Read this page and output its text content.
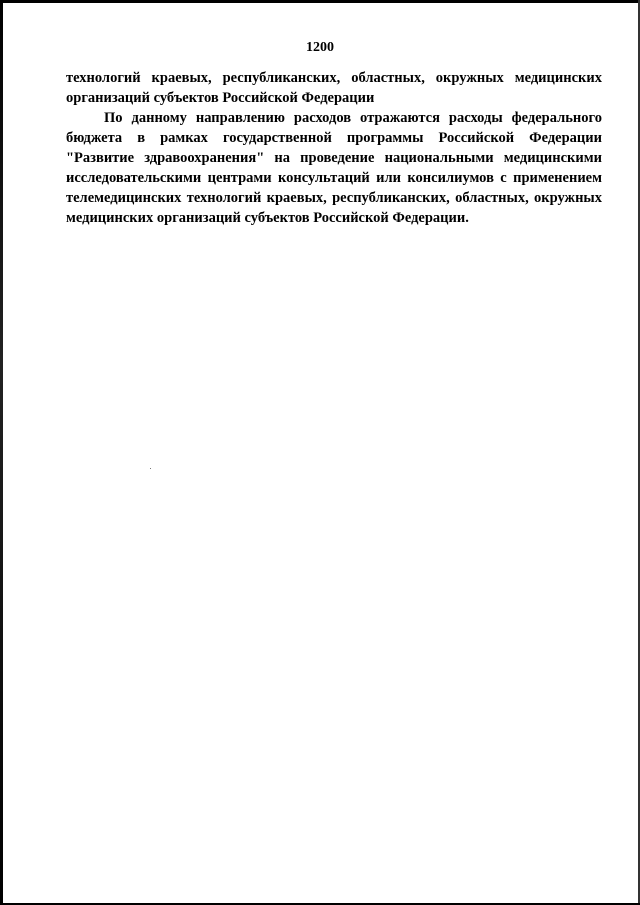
1200
технологий краевых, республиканских, областных, окружных медицинских
организаций субъектов Российской Федерации
По данному направлению расходов отражаются расходы федерального
бюджета в рамках государственной программы Российской Федерации
"Развитие здравоохранения" на проведение национальными медицинскими
исследовательскими центрами консультаций или консилиумов с применением
телемедицинских технологий краевых, республиканских, областных, окружных
медицинских организаций субъектов Российской Федерации.
